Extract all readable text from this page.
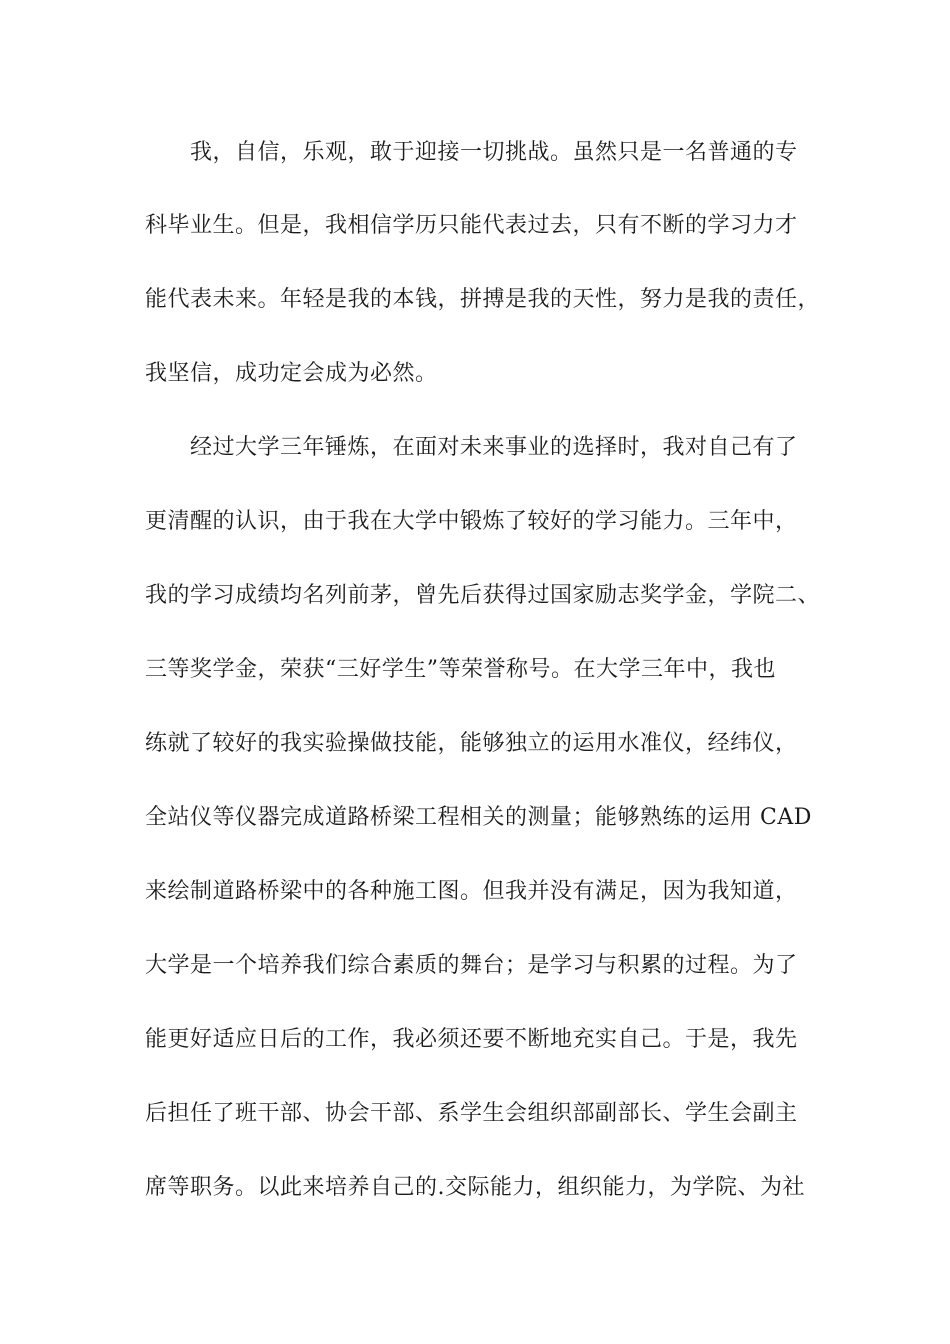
我，自信，乐观，敢于迎接一切挑战。虽然只是一名普通的专
科毕业生。但是，我相信学历只能代表过去，只有不断的学习力才
能代表未来。年轻是我的本钱，拼搏是我的天性，努力是我的责任，
我坚信，成功定会成为必然。
经过大学三年锤炼，在面对未来事业的选择时，我对自己有了
更清醒的认识，由于我在大学中锻炼了较好的学习能力。三年中，
我的学习成绩均名列前茅，曾先后获得过国家励志奖学金，学院二、
三等奖学金，荣获“三好学生”等荣誉称号。在大学三年中，我也
练就了较好的我实验操做技能，能够独立的运用水准仪，经纬仪，
全站仪等仪器完成道路桥梁工程相关的测量；能够熟练的运用 CAD
来绘制道路桥梁中的各种施工图。但我并没有满足，因为我知道，
大学是一个培养我们综合素质的舞台；是学习与积累的过程。为了
能更好适应日后的工作，我必须还要不断地充实自己。于是，我先
后担任了班干部、协会干部、系学生会组织部副部长、学生会副主
席等职务。以此来培养自己的.交际能力，组织能力，为学院、为社
